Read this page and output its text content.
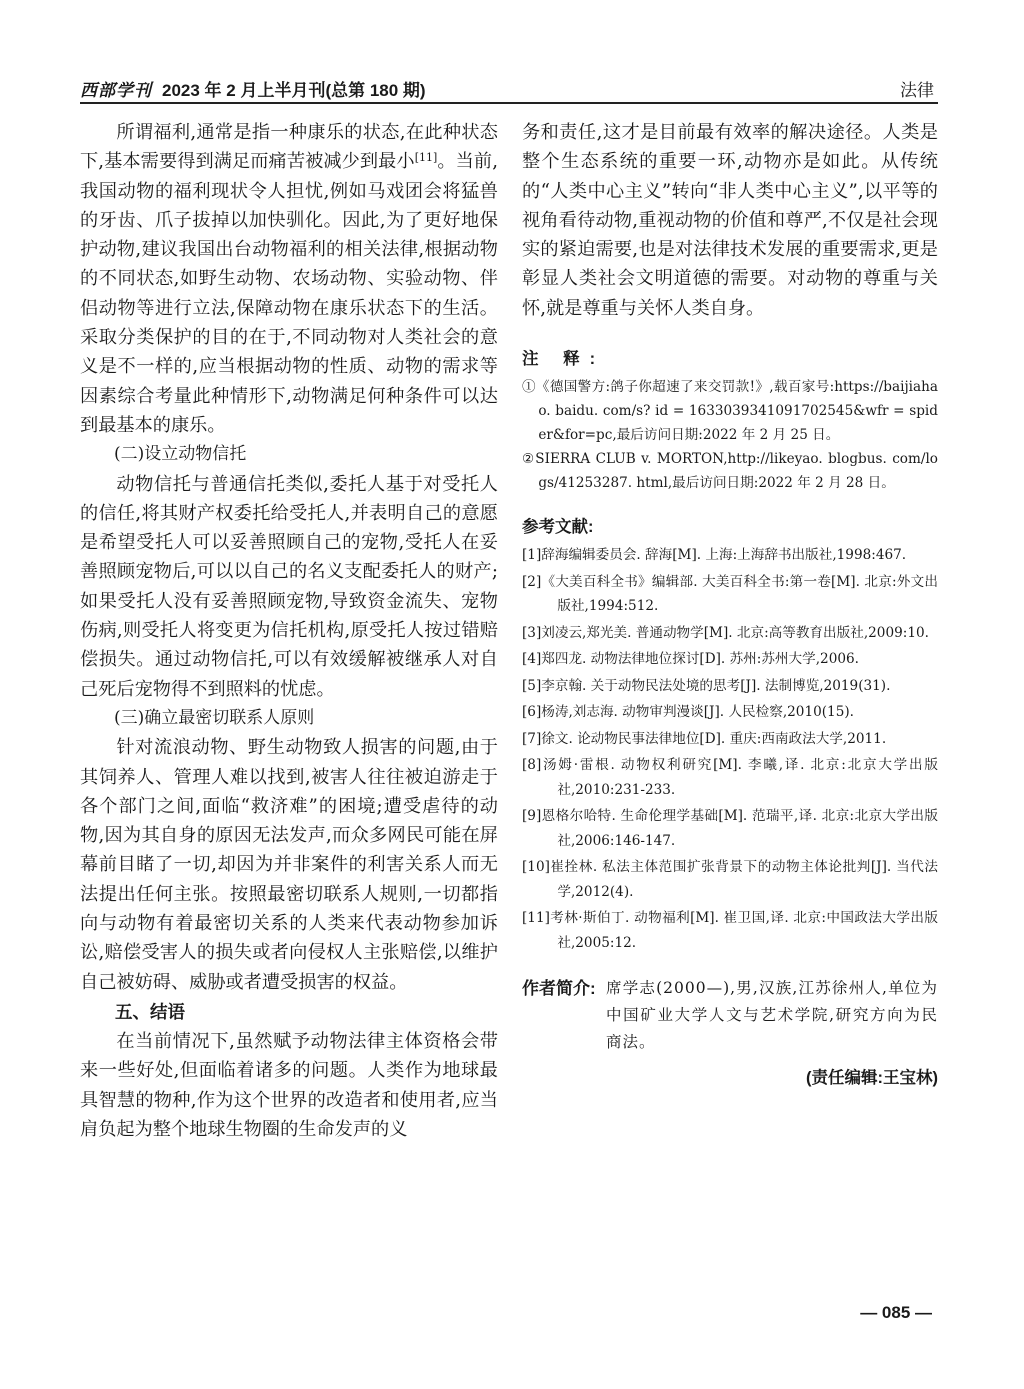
西部学刊 2023 年 2 月上半月刊(总第 180 期)	法律

所谓福利,通常是指一种康乐的状态,在此种状态下,基本需要得到满足而痛苦被减少到最小[11]。当前,我国动物的福利现状令人担忧,例如马戏团会将猛兽的牙齿、爪子拔掉以加快驯化。因此,为了更好地保护动物,建议我国出台动物福利的相关法律,根据动物的不同状态,如野生动物、农场动物、实验动物、伴侣动物等进行立法,保障动物在康乐状态下的生活。采取分类保护的目的在于,不同动物对人类社会的意义是不一样的,应当根据动物的性质、动物的需求等因素综合考量此种情形下,动物满足何种条件可以达到最基本的康乐。

(二)设立动物信托

动物信托与普通信托类似,委托人基于对受托人的信任,将其财产权委托给受托人,并表明自己的意愿是希望受托人可以妥善照顾自己的宠物,受托人在妥善照顾宠物后,可以以自己的名义支配委托人的财产;如果受托人没有妥善照顾宠物,导致资金流失、宠物伤病,则受托人将变更为信托机构,原受托人按过错赔偿损失。通过动物信托,可以有效缓解被继承人对自己死后宠物得不到照料的忧虑。

(三)确立最密切联系人原则

针对流浪动物、野生动物致人损害的问题,由于其饲养人、管理人难以找到,被害人往往被迫游走于各个部门之间,面临“救济难”的困境;遭受虐待的动物,因为其自身的原因无法发声,而众多网民可能在屏幕前目睹了一切,却因为并非案件的利害关系人而无法提出任何主张。按照最密切联系人规则,一切都指向与动物有着最密切关系的人类来代表动物参加诉讼,赔偿受害人的损失或者向侵权人主张赔偿,以维护自己被妨碍、威胁或者遭受损害的权益。

五、结语

在当前情况下,虽然赋予动物法律主体资格会带来一些好处,但面临着诸多的问题。人类作为地球最具智慧的物种,作为这个世界的改造者和使用者,应当肩负起为整个地球生物圈的生命发声的义

务和责任,这才是目前最有效率的解决途径。人类是整个生态系统的重要一环,动物亦是如此。从传统的“人类中心主义”转向“非人类中心主义”,以平等的视角看待动物,重视动物的价值和尊严,不仅是社会现实的紧迫需要,也是对法律技术发展的重要需求,更是彰显人类社会文明道德的需要。对动物的尊重与关怀,就是尊重与关怀人类自身。

注 释:

①《德国警方:鸽子你超速了来交罚款!》,载百家号:https://baijiahao. baidu. com/s? id = 1633039341091702545&wfr = spider&for=pc,最后访问日期:2022 年 2 月 25 日。

②SIERRA CLUB v. MORTON,http://likeyao. blogbus. com/logs/41253287. html,最后访问日期:2022 年 2 月 28 日。

参考文献:

[1]辞海编辑委员会. 辞海[M]. 上海:上海辞书出版社,1998:467.

[2]《大美百科全书》编辑部. 大美百科全书:第一卷[M]. 北京:外文出版社,1994:512.

[3]刘凌云,郑光美. 普通动物学[M]. 北京:高等教育出版社,2009:10.

[4]郑四龙. 动物法律地位探讨[D]. 苏州:苏州大学,2006.

[5]李京翰. 关于动物民法处境的思考[J]. 法制博览,2019(31).

[6]杨涛,刘志海. 动物审判漫谈[J]. 人民检察,2010(15).

[7]徐文. 论动物民事法律地位[D]. 重庆:西南政法大学,2011.

[8]汤姆·雷根. 动物权利研究[M]. 李曦,译. 北京:北京大学出版社,2010:231-233.

[9]恩格尔哈特. 生命伦理学基础[M]. 范瑞平,译. 北京:北京大学出版社,2006:146-147.

[10]崔拴林. 私法主体范围扩张背景下的动物主体论批判[J]. 当代法学,2012(4).

[11]考林·斯伯丁. 动物福利[M]. 崔卫国,译. 北京:中国政法大学出版社,2005:12.

作者简介: 席学志(2000—),男,汉族,江苏徐州人,单位为中国矿业大学人文与艺术学院,研究方向为民商法。
(责任编辑:王宝林)
— 085 —
